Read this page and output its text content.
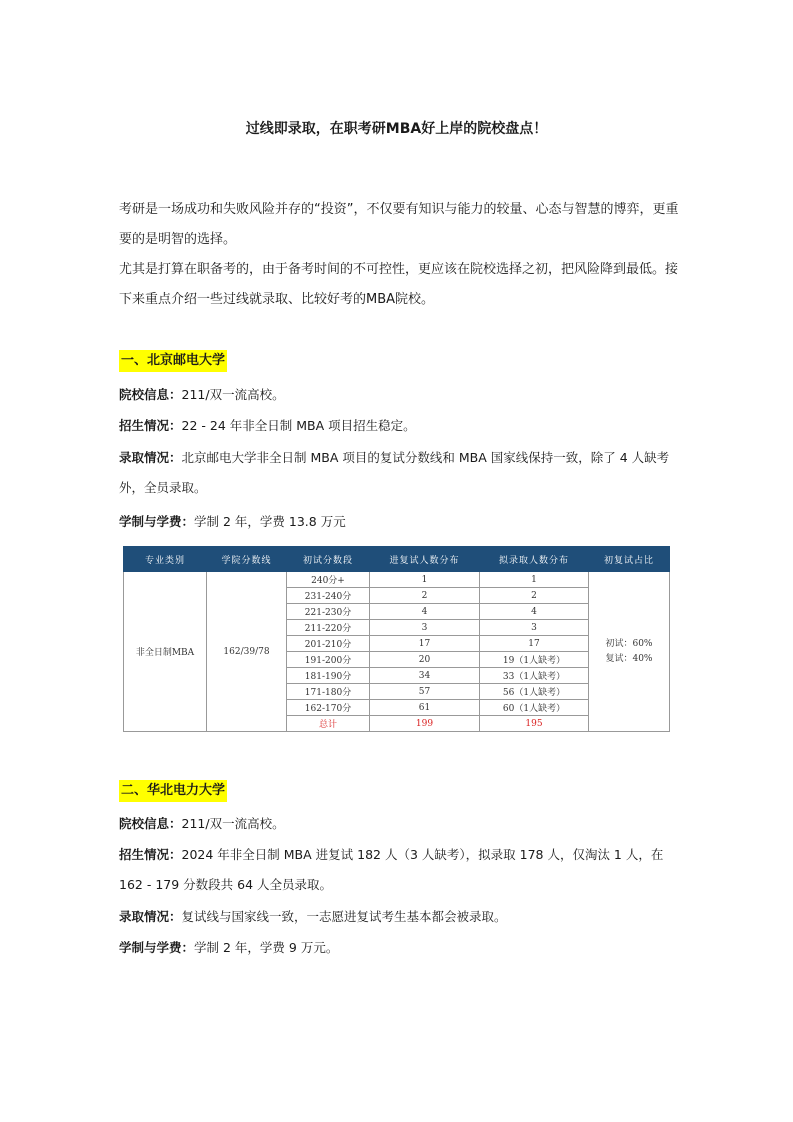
过线即录取，在职考研MBA好上岸的院校盘点！

考研是一场成功和失败风险并存的“投资”，不仅要有知识与能力的较量、心态与智慧的博弈，更重要的是明智的选择。

尤其是打算在职备考的，由于备考时间的不可控性，更应该在院校选择之初，把风险降到最低。接下来重点介绍一些过线就录取、比较好考的MBA院校。

一、北京邮电大学

院校信息：211/双一流高校。

招生情况：22 - 24 年非全日制 MBA 项目招生稳定。

录取情况：北京邮电大学非全日制 MBA 项目的复试分数线和 MBA 国家线保持一致，除了 4 人缺考外，全员录取。

学制与学费：学制 2 年，学费 13.8 万元

专业类别	学院分数线	初试分数段	进复试人数分布	拟录取人数分布	初复试占比
非全日制MBA	162/39/78	240分+	1	1	初试：60%
复试：40%

		231-240分	2	2	
		221-230分	4	4	
		211-220分	3	3	
		201-210分	17	17	
		191-200分	20	19（1人缺考）	
		181-190分	34	33（1人缺考）	
		171-180分	57	56（1人缺考）	
		162-170分	61	60（1人缺考）	
		总计	199	195	
二、华北电力大学

院校信息：211/双一流高校。

招生情况：2024 年非全日制 MBA 进复试 182 人（3 人缺考），拟录取 178 人，仅淘汰 1 人，在 162 - 179 分数段共 64 人全员录取。

录取情况：复试线与国家线一致，一志愿进复试考生基本都会被录取。

学制与学费：学制 2 年，学费 9 万元。
